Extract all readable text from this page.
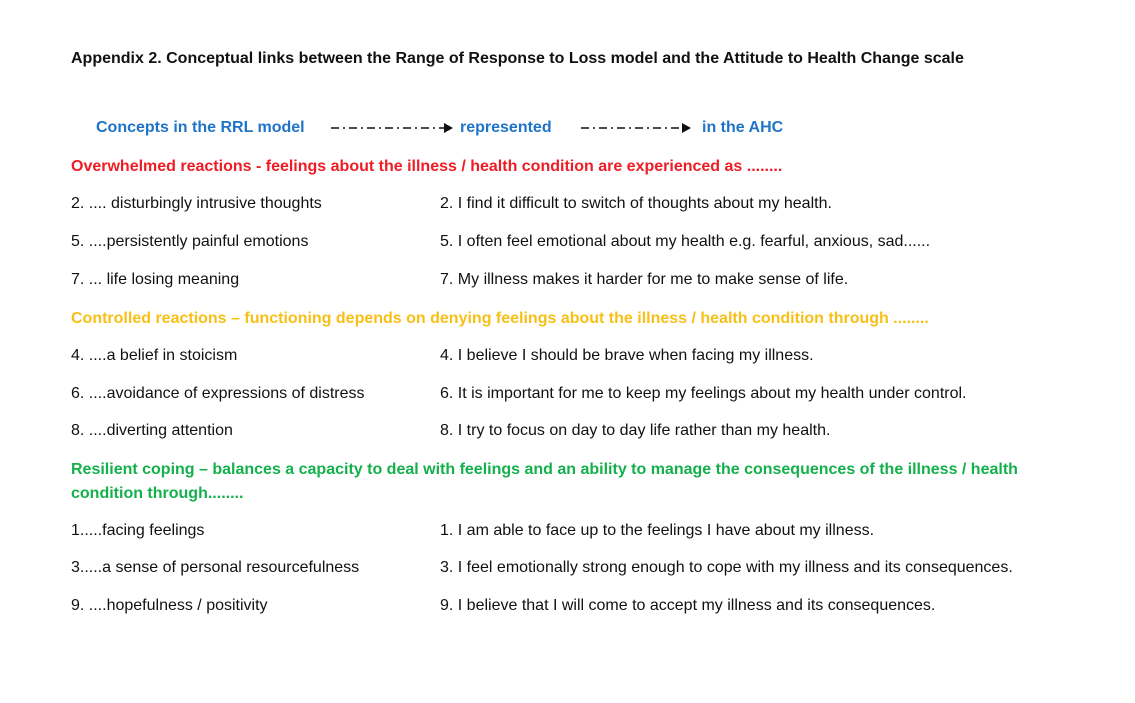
Appendix 2. Conceptual links between the Range of Response to Loss model and the Attitude to Health Change scale
Concepts in the RRL model	represented	in the AHC
Overwhelmed reactions - feelings about the illness / health condition are experienced as ........
2. .... disturbingly intrusive thoughts	2. I find it difficult to switch of thoughts about my health.
5. ....persistently painful emotions	5. I often feel emotional about my health e.g. fearful, anxious, sad......
7. ... life losing meaning	7. My illness makes it harder for me to make sense of life.
Controlled reactions – functioning depends on denying feelings about the illness / health condition through ........
4. ....a belief in stoicism	4. I believe I should be brave when facing my illness.
6. ....avoidance of expressions of distress	6. It is important for me to keep my feelings about my health under control.
8. ....diverting attention	8. I try to focus on day to day life rather than my health.
Resilient coping – balances a capacity to deal with feelings and an ability to manage the consequences of the illness / health condition through........
1.....facing feelings	1. I am able to face up to the feelings I have about my illness.
3.....a sense of personal resourcefulness	3. I feel emotionally strong enough to cope with my illness and its consequences.
9. ....hopefulness / positivity	9. I believe that I will come to accept my illness and its consequences.
